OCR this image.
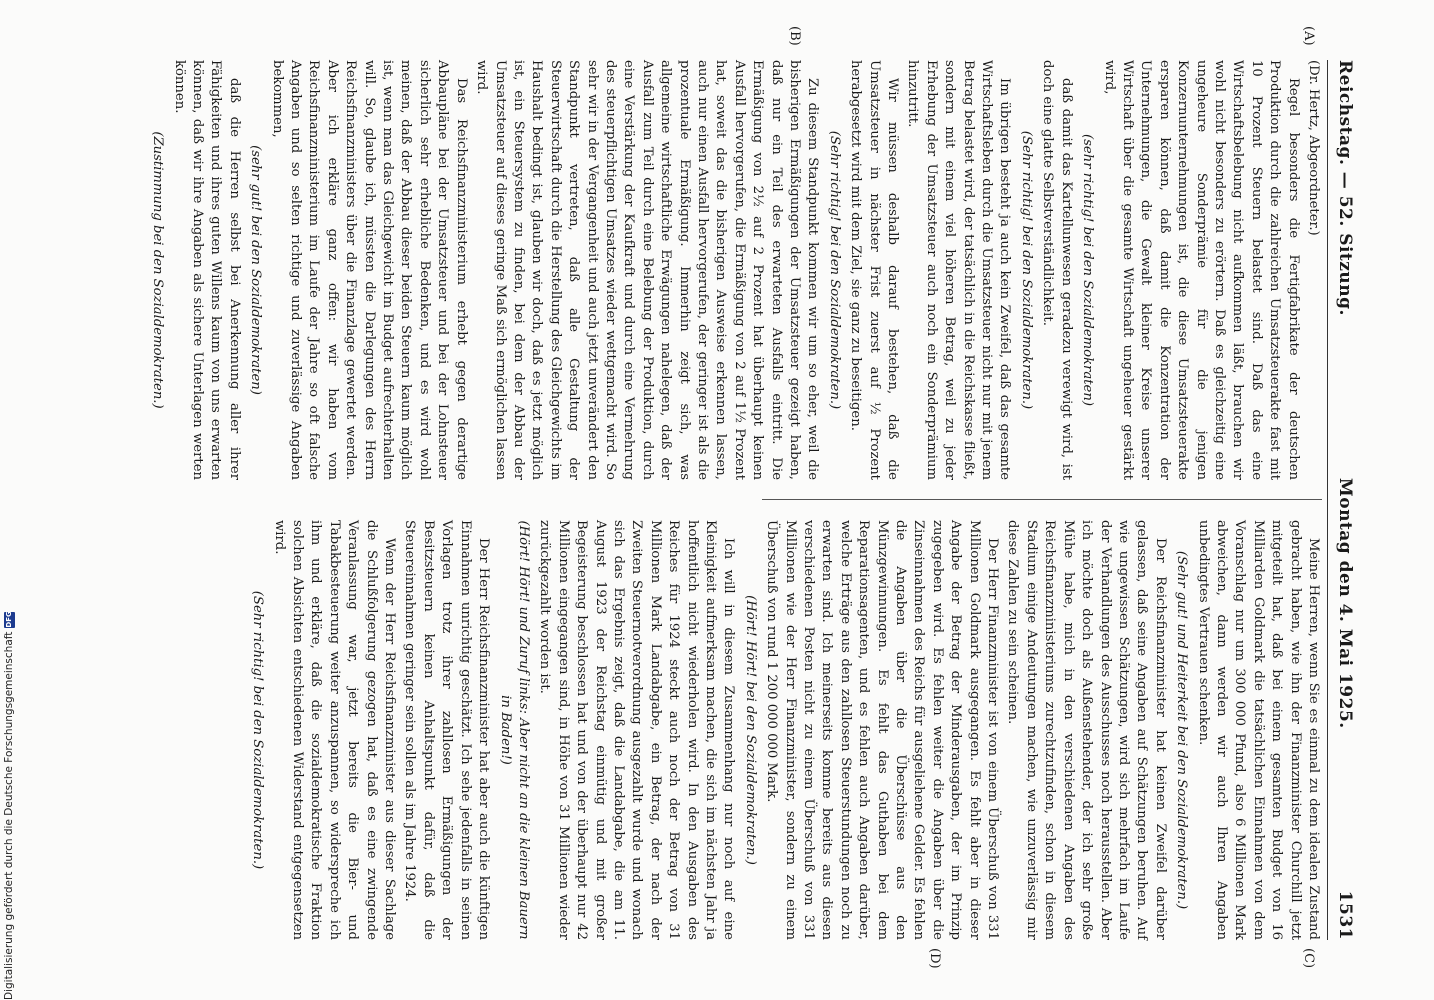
Reichstag. — 52. Sitzung.
Montag den 4. Mai 1925.
1531
(A)
(B)
(C)
(D)

(Dr. Hertz, Abgeordneter.)

Regel besonders die Fertigfabrikate der deutschen Produktion durch die zahlreichen Umsatzsteuerakte fast mit 10 Prozent Steuern belastet sind. Daß das eine Wirtschaftsbelebung nicht aufkommen läßt, brauchen wir wohl nicht besonders zu erörtern. Daß es gleichzeitig eine ungeheure Sonderprämie für die jenigen Konzernunternehmungen ist, die diese Umsatzsteuerakte ersparen können, daß damit die Konzentration der Unternehmungen, die Gewalt kleiner Kreise unserer Wirtschaft über die gesamte Wirtschaft ungeheuer gestärkt wird,

(sehr richtig! bei den Sozialdemokraten)

daß damit das Kartellunwesen geradezu verewigt wird, ist doch eine glatte Selbstverständlichkeit.

(Sehr richtig! bei den Sozialdemokraten.)

Im übrigen besteht ja auch kein Zweifel, daß das gesamte Wirtschaftsleben durch die Umsatzsteuer nicht nur mit jenem Betrag belastet wird, der tatsächlich in die Reichskasse fließt, sondern mit einem viel höheren Betrag, weil zu jeder Erhebung der Umsatzsteuer auch noch ein Sonderprämium hinzutritt.

Wir müssen deshalb darauf bestehen, daß die Umsatzsteuer in nächster Frist zuerst auf ½ Prozent herabgesetzt wird mit dem Ziel, sie ganz zu beseitigen.

(Sehr richtig! bei den Sozialdemokraten.)

Zu diesem Standpunkt kommen wir um so eher, weil die bisherigen Ermäßigungen der Umsatzsteuer gezeigt haben, daß nur ein Teil des erwarteten Ausfalls eintritt. Die Ermäßigung von 2½ auf 2 Prozent hat überhaupt keinen Ausfall hervorgerufen, die Ermäßigung von 2 auf 1½ Prozent hat, soweit das die bisherigen Ausweise erkennen lassen, auch nur einen Ausfall hervorgerufen, der geringer ist als die prozentuale Ermäßigung. Immerhin zeigt sich, was allgemeine wirtschaftliche Erwägungen nahelegen, daß der Ausfall zum Teil durch eine Belebung der Produktion, durch eine Verstärkung der Kaufkraft und durch eine Vermehrung des steuerpflichtigen Umsatzes wieder wettgemacht wird. So sehr wir in der Vergangenheit und auch jetzt unverändert den Standpunkt vertreten, daß alle Gestaltung der Steuerwirtschaft durch die Herstellung des Gleichgewichts im Haushalt bedingt ist, glauben wir doch, daß es jetzt möglich ist, ein Steuersystem zu finden, bei dem der Abbau der Umsatzsteuer auf dieses geringe Maß sich ermöglichen lassen wird.

Das Reichsfinanzministerium erhebt gegen derartige Abbaupläne bei der Umsatzsteuer und bei der Lohnsteuer sicherlich sehr erhebliche Bedenken, und es wird wohl meinen, daß der Abbau dieser beiden Steuern kaum möglich ist, wenn man das Gleichgewicht im Budget aufrechterhalten will. So, glaube ich, müssten die Darlegungen des Herrn Reichsfinanzministers über die Finanzlage gewertet werden. Aber ich erkläre ganz offen: wir haben vom Reichsfinanzministerium im Laufe der Jahre so oft falsche Angaben und so selten richtige und zuverlässige Angaben bekommen,

(sehr gut! bei den Sozialdemokraten)

daß die Herren selbst bei Anerkennung aller ihrer Fähigkeiten und ihres guten Willens kaum von uns erwarten können, daß wir ihre Angaben als sichere Unterlagen werten können.

(Zustimmung bei den Sozialdemokraten.)

Meine Herren, wenn Sie es einmal zu dem idealen Zustand gebracht haben, wie ihn der Finanzminister Churchill jetzt mitgeteilt hat, daß bei einem gesamten Budget von 16 Milliarden Goldmark die tatsächlichen Einnahmen von dem Voranschlag nur um 300 000 Pfund, also 6 Millionen Mark abweichen, dann werden wir auch Ihren Angaben unbedingtes Vertrauen schenken.

(Sehr gut! und Heiterkeit bei den Sozialdemokraten.)

Der Reichsfinanzminister hat keinen Zweifel darüber gelassen, daß seine Angaben auf Schätzungen beruhen. Auf wie ungewissen Schätzungen, wird sich mehrfach im Laufe der Verhandlungen des Ausschusses noch herausstellen. Aber ich möchte doch als Außenstehender, der ich sehr große Mühe habe, mich in den verschiedenen Angaben des Reichsfinanzministeriums zurechtzufinden, schon in diesem Stadium einige Andeutungen machen, wie unzuverlässig mir diese Zahlen zu sein scheinen.

Der Herr Finanzminister ist von einem Überschuß von 331 Millionen Goldmark ausgegangen. Es fehlt aber in dieser Angabe der Betrag der Minderausgaben, der im Prinzip zugegeben wird. Es fehlen weiter die Angaben über die Zinseinnahmen des Reichs für ausgeliehene Gelder. Es fehlen die Angaben über die Überschüsse aus den Münzgewinnungen. Es fehlt das Guthaben bei dem Reparationsagenten, und es fehlen auch Angaben darüber, welche Erträge aus den zahllosen Steuerstundungen noch zu erwarten sind. Ich meinerseits komme bereits aus diesen verschiedenen Posten nicht zu einem Überschuß von 331 Millionen wie der Herr Finanzminister, sondern zu einem Überschuß von rund 1 200 000 000 Mark.

(Hört! Hört! bei den Sozialdemokraten.)

Ich will in diesem Zusammenhang nur noch auf eine Kleinigkeit aufmerksam machen, die sich im nächsten Jahr ja hoffentlich nicht wiederholen wird. In den Ausgaben des Reiches für 1924 steckt auch noch der Betrag von 31 Millionen Mark Landabgabe, ein Betrag, der nach der Zweiten Steuernotverordnung ausgezahlt wurde und wonach sich das Ergebnis zeigt, daß die Landabgabe, die am 11. August 1923 der Reichstag einmütig und mit großer Begeisterung beschlossen hat und von der überhaupt nur 42 Millionen eingegangen sind, in Höhe von 31 Millionen wieder zurückgezahlt worden ist.

(Hört! Hört! und Zuruf links: Aber nicht an die kleinen Bauern in Baden!)

Der Herr Reichsfinanzminister hat aber auch die künftigen Einnahmen unrichtig geschätzt. Ich sehe jedenfalls in seinen Vorlagen trotz ihrer zahllosen Ermäßigungen der Besitzsteuern keinen Anhaltspunkt dafür, daß die Steuereinnahmen geringer sein sollen als im Jahre 1924.

Wenn der Herr Reichsfinanzminister aus dieser Sachlage die Schlußfolgerung gezogen hat, daß es eine zwingende Veranlassung war, jetzt bereits die Bier- und Tabakbesteuerung weiter anzuspannen, so widerspreche ich ihm und erkläre, daß die sozialdemokratische Fraktion solchen Absichten entschiedenen Widerstand entgegensetzen wird.

(Sehr richtig! bei den Sozialdemokraten.)

Digitalisierung gefördert durch die Deutsche Forschungsgemeinschaft
DFG
